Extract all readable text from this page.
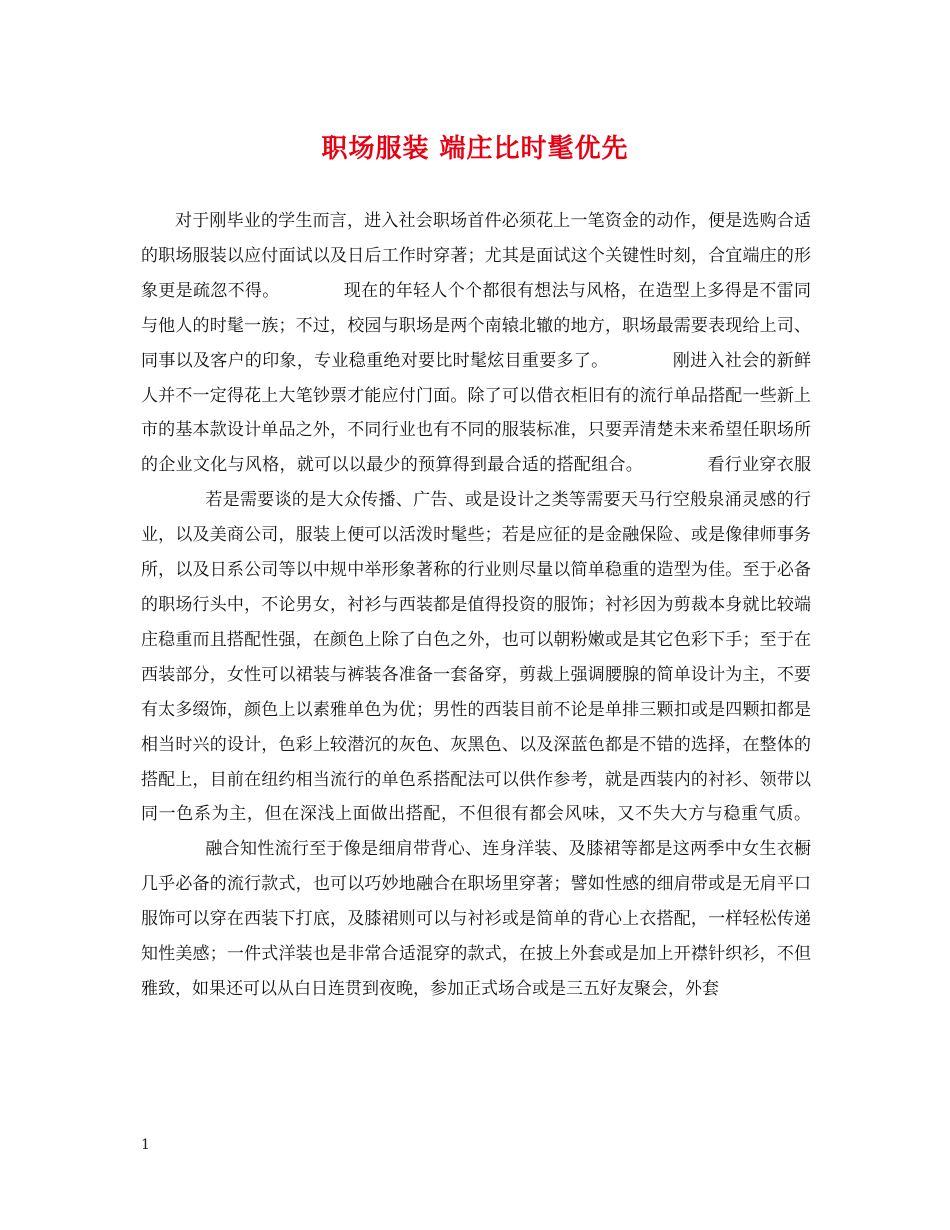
职场服装 端庄比时髦优先

对于刚毕业的学生而言，进入社会职场首件必须花上一笔资金的动作，便是选购合适的职场服装以应付面试以及日后工作时穿著；尤其是面试这个关键性时刻，合宜端庄的形象更是疏忽不得。	现在的年轻人个个都很有想法与风格，在造型上多得是不雷同与他人的时髦一族；不过，校园与职场是两个南辕北辙的地方，职场最需要表现给上司、同事以及客户的印象，专业稳重绝对要比时髦炫目重要多了。	刚进入社会的新鲜人并不一定得花上大笔钞票才能应付门面。除了可以借衣柜旧有的流行单品搭配一些新上市的基本款设计单品之外，不同行业也有不同的服装标准，只要弄清楚未来希望任职场所的企业文化与风格，就可以以最少的预算得到最合适的搭配组合。	看行业穿衣服若是需要谈的是大众传播、广告、或是设计之类等需要天马行空般泉涌灵感的行业，以及美商公司，服装上便可以活泼时髦些；若是应征的是金融保险、或是像律师事务所，以及日系公司等以中规中举形象著称的行业则尽量以简单稳重的造型为佳。至于必备的职场行头中，不论男女，衬衫与西装都是值得投资的服饰；衬衫因为剪裁本身就比较端庄稳重而且搭配性强，在颜色上除了白色之外，也可以朝粉嫩或是其它色彩下手；至于在西装部分，女性可以裙装与裤装各准备一套备穿，剪裁上强调腰腺的简单设计为主，不要有太多缀饰，颜色上以素雅单色为优；男性的西装目前不论是单排三颗扣或是四颗扣都是相当时兴的设计，色彩上较潜沉的灰色、灰黑色、以及深蓝色都是不错的选择，在整体的搭配上，目前在纽约相当流行的单色系搭配法可以供作参考，就是西装内的衬衫、领带以同一色系为主，但在深浅上面做出搭配，不但很有都会风味，又不失大方与稳重气质。融合知性流行至于像是细肩带背心、连身洋装、及膝裙等都是这两季中女生衣橱几乎必备的流行款式，也可以巧妙地融合在职场里穿著；譬如性感的细肩带或是无肩平口服饰可以穿在西装下打底，及膝裙则可以与衬衫或是简单的背心上衣搭配，一样轻松传递知性美感；一件式洋装也是非常合适混穿的款式，在披上外套或是加上开襟针织衫，不但雅致，如果还可以从白日连贯到夜晚，参加正式场合或是三五好友聚会，外套

1
